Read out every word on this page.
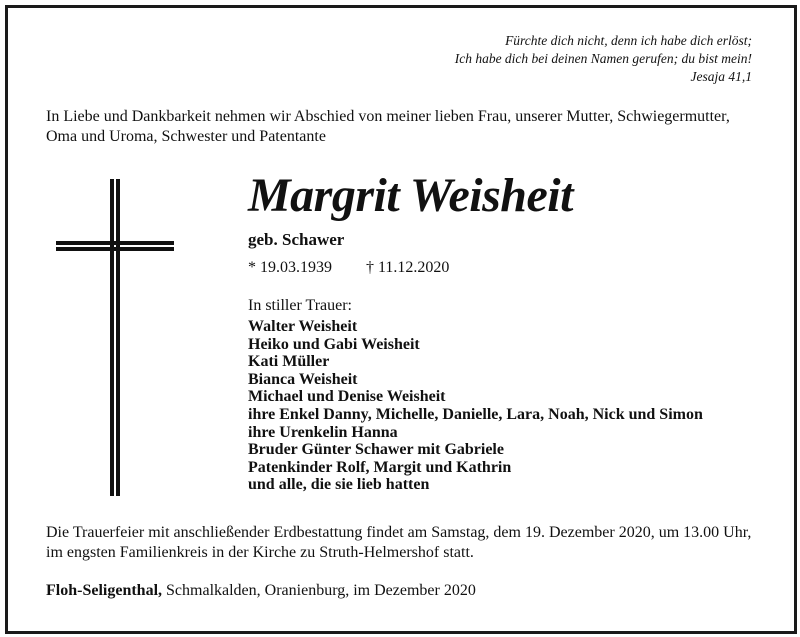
Fürchte dich nicht, denn ich habe dich erlöst;
Ich habe dich bei deinen Namen gerufen; du bist mein!
Jesaja 41,1
In Liebe und Dankbarkeit nehmen wir Abschied von meiner lieben Frau, unserer Mutter, Schwiegermutter, Oma und Uroma, Schwester und Patentante
Margrit Weisheit
geb. Schawer
* 19.03.1939 † 11.12.2020
In stiller Trauer:
Walter Weisheit
Heiko und Gabi Weisheit
Kati Müller
Bianca Weisheit
Michael und Denise Weisheit
ihre Enkel Danny, Michelle, Danielle, Lara, Noah, Nick und Simon
ihre Urenkelin Hanna
Bruder Günter Schawer mit Gabriele
Patenkinder Rolf, Margit und Kathrin
und alle, die sie lieb hatten
Die Trauerfeier mit anschließender Erdbestattung findet am Samstag, dem 19. Dezember 2020, um 13.00 Uhr, im engsten Familienkreis in der Kirche zu Struth-Helmershof statt.
Floh-Seligenthal, Schmalkalden, Oranienburg, im Dezember 2020
